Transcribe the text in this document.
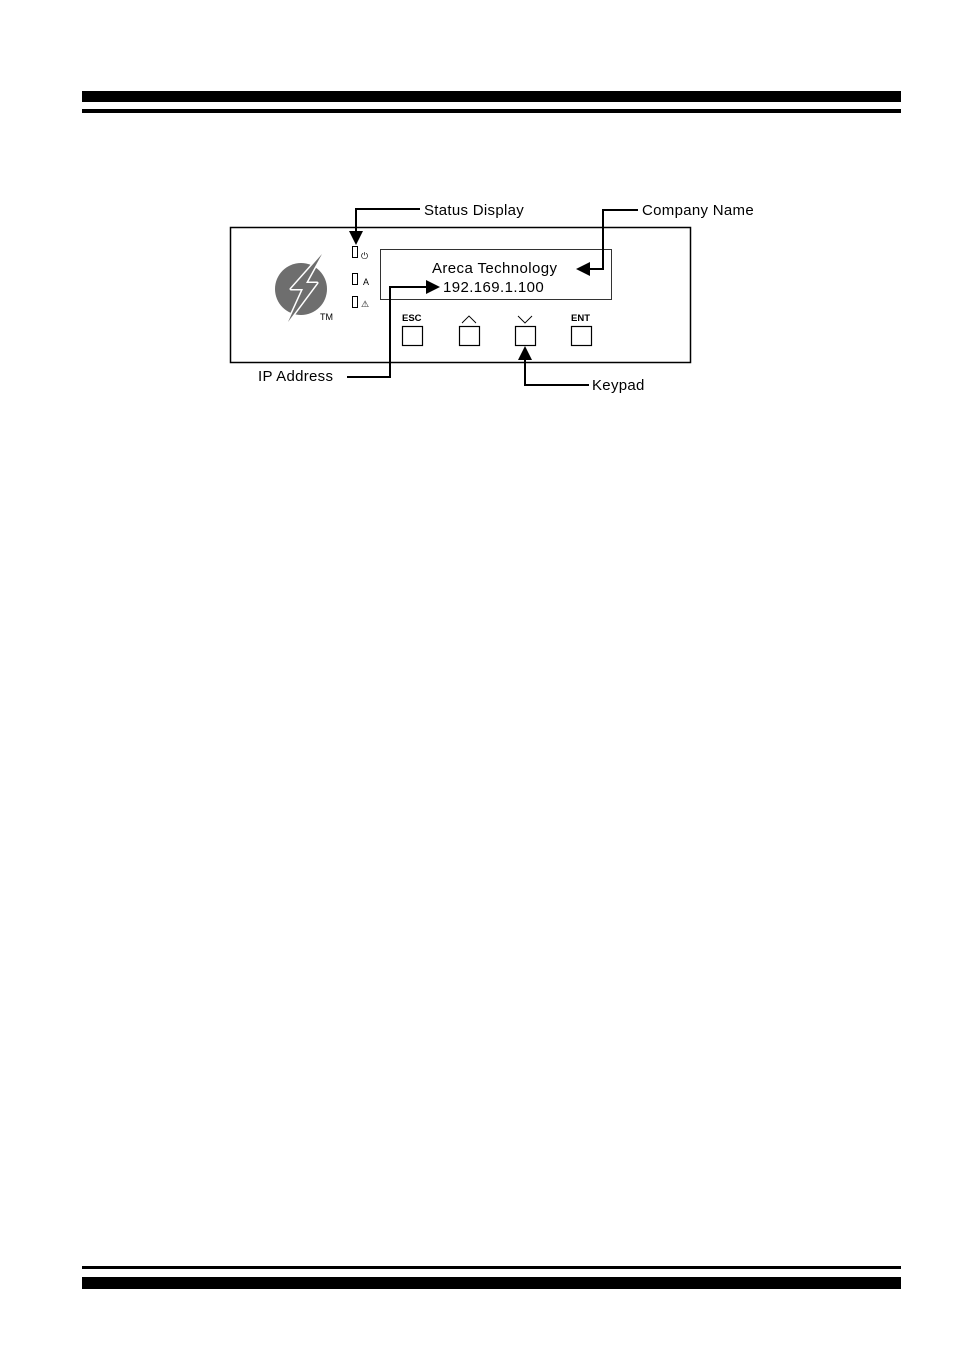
TM
⏻
A
⚠
Areca Technology
192.169.1.100
ESC	ENT
Status Display	Company Name
IP Address
Keypad
